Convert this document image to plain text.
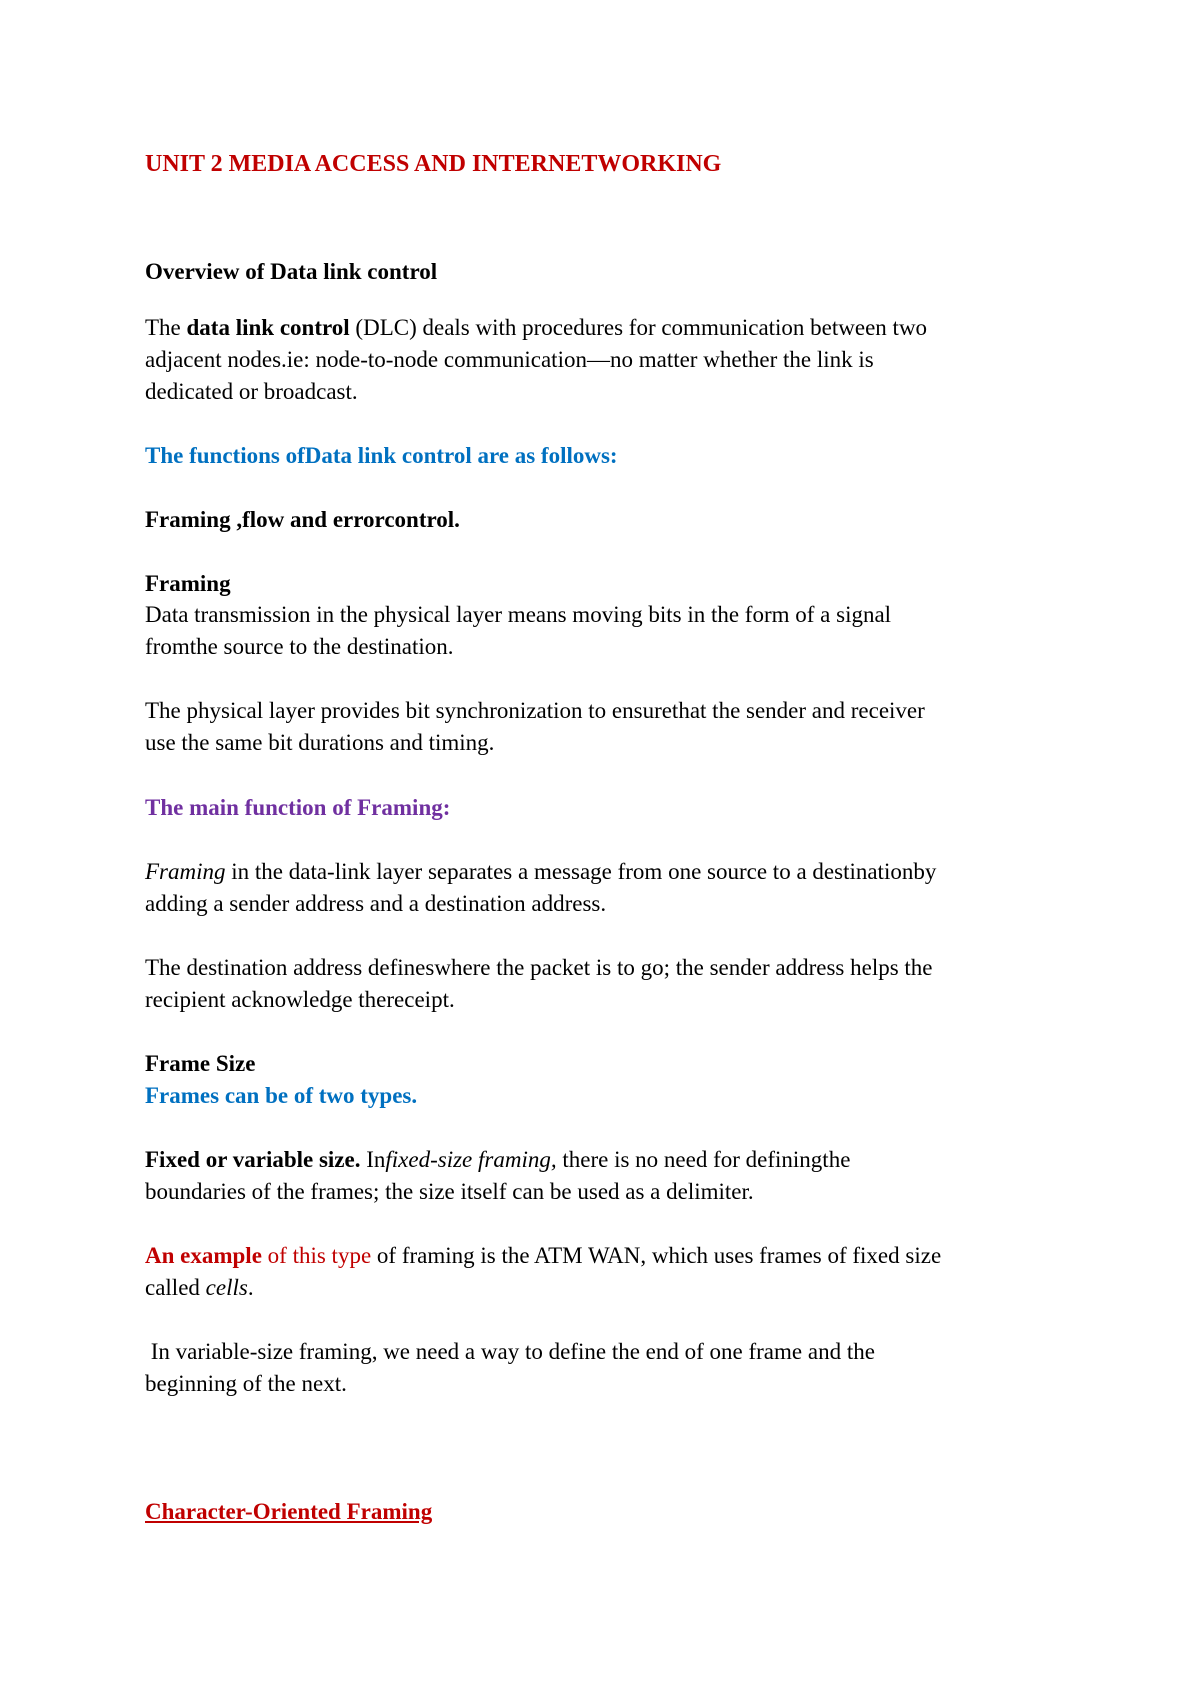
UNIT 2 MEDIA ACCESS AND INTERNETWORKING
Overview of Data link control
The data link control (DLC) deals with procedures for communication between two
adjacent nodes.ie: node-to-node communication—no matter whether the link is
dedicated or broadcast.
The functions ofData link control are as follows:
Framing ,flow and errorcontrol.
Framing
Data transmission in the physical layer means moving bits in the form of a signal
fromthe source to the destination.
The physical layer provides bit synchronization to ensurethat the sender and receiver
use the same bit durations and timing.
The main function of Framing:
Framing in the data-link layer separates a message from one source to a destinationby
adding a sender address and a destination address.
The destination address defineswhere the packet is to go; the sender address helps the
recipient acknowledge thereceipt.
Frame Size
Frames can be of two types.
Fixed or variable size. Infixed-size framing, there is no need for definingthe
boundaries of the frames; the size itself can be used as a delimiter.
An example of this type of framing is the ATM WAN, which uses frames of fixed size
called cells.
In variable-size framing, we need a way to define the end of one frame and the
beginning of the next.
Character-Oriented Framing
